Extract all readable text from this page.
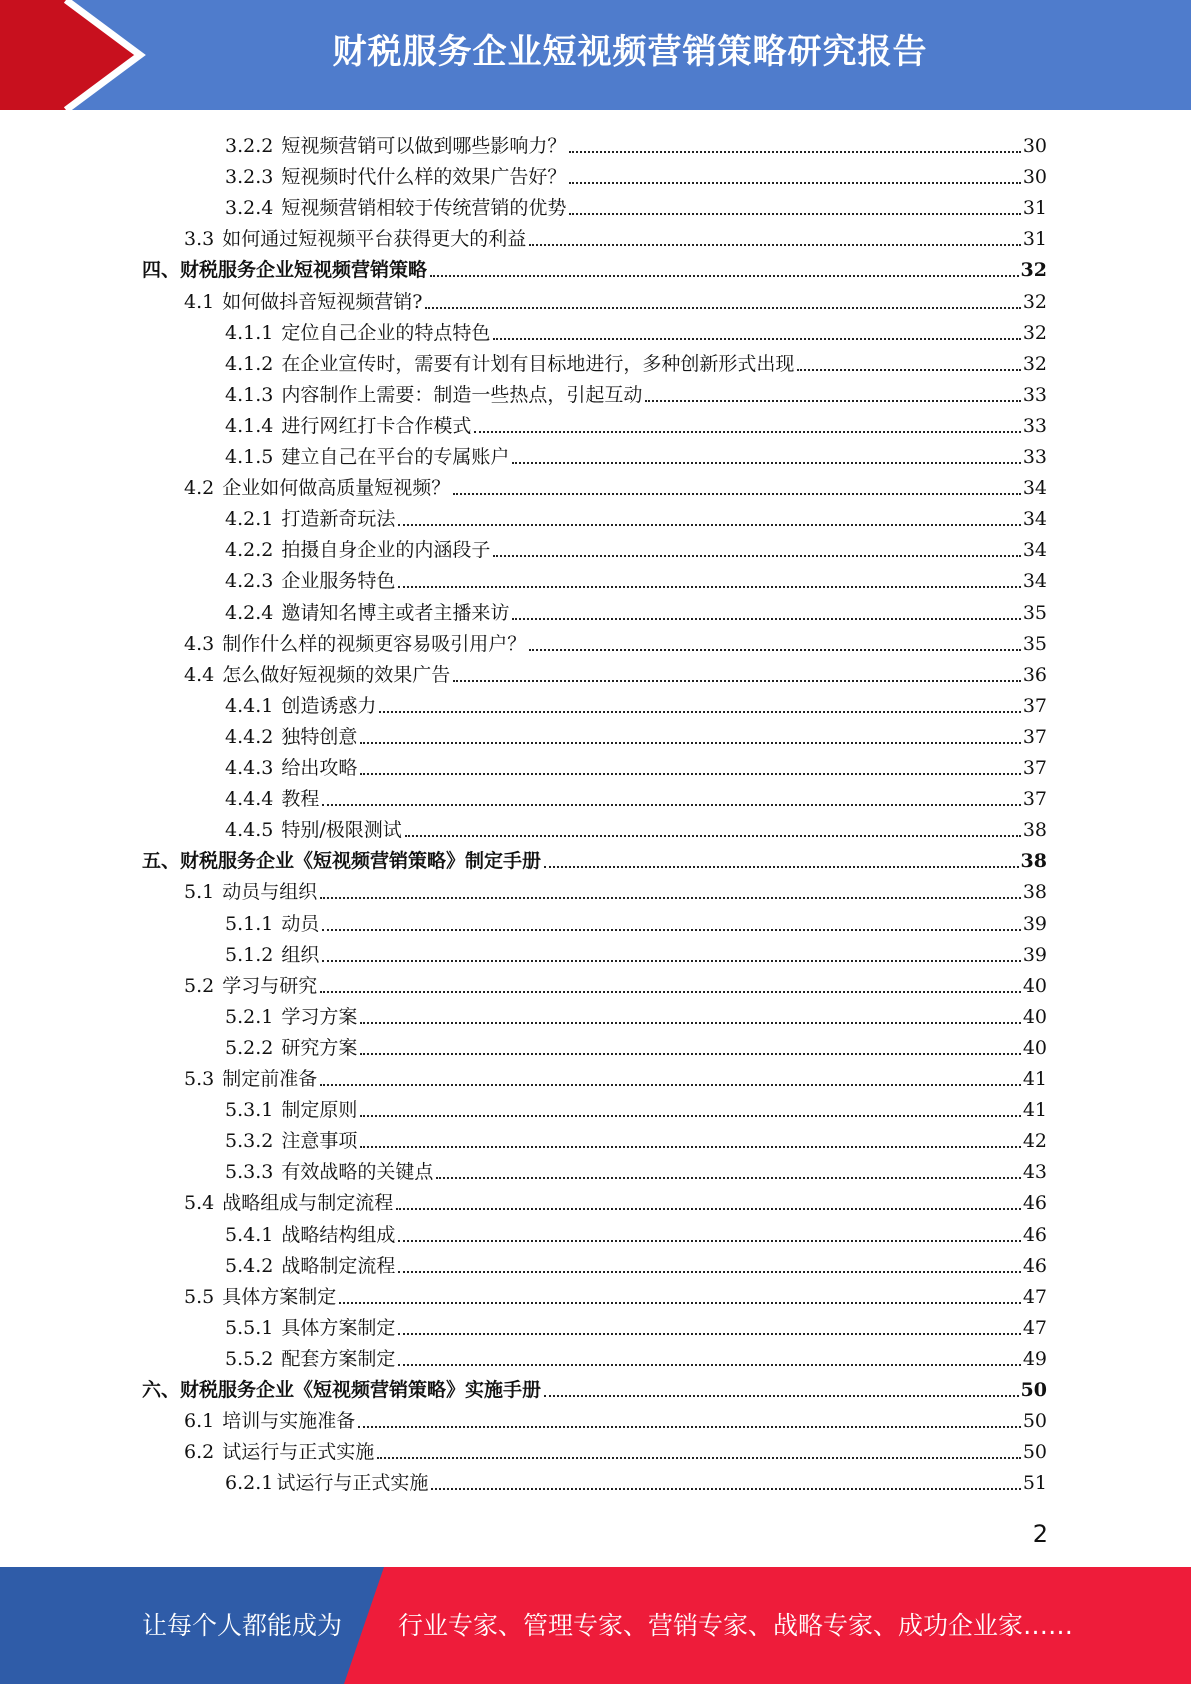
财税服务企业短视频营销策略研究报告
3.2.2 短视频营销可以做到哪些影响力？	30
3.2.3 短视频时代什么样的效果广告好？	30
3.2.4 短视频营销相较于传统营销的优势	31
3.3 如何通过短视频平台获得更大的利益	31
四、财税服务企业短视频营销策略	32
4.1 如何做抖音短视频营销?	32
4.1.1 定位自己企业的特点特色	32
4.1.2 在企业宣传时，需要有计划有目标地进行，多种创新形式出现	32
4.1.3 内容制作上需要：制造一些热点，引起互动	33
4.1.4 进行网红打卡合作模式	33
4.1.5 建立自己在平台的专属账户	33
4.2 企业如何做高质量短视频？	34
4.2.1 打造新奇玩法	34
4.2.2 拍摄自身企业的内涵段子	34
4.2.3 企业服务特色	34
4.2.4 邀请知名博主或者主播来访	35
4.3 制作什么样的视频更容易吸引用户？	35
4.4 怎么做好短视频的效果广告	36
4.4.1 创造诱惑力	37
4.4.2 独特创意	37
4.4.3 给出攻略	37
4.4.4 教程	37
4.4.5 特别/极限测试	38
五、财税服务企业《短视频营销策略》制定手册	38
5.1 动员与组织	38
5.1.1 动员	39
5.1.2 组织	39
5.2 学习与研究	40
5.2.1 学习方案	40
5.2.2 研究方案	40
5.3 制定前准备	41
5.3.1 制定原则	41
5.3.2 注意事项	42
5.3.3 有效战略的关键点	43
5.4 战略组成与制定流程	46
5.4.1 战略结构组成	46
5.4.2 战略制定流程	46
5.5 具体方案制定	47
5.5.1 具体方案制定	47
5.5.2 配套方案制定	49
六、财税服务企业《短视频营销策略》实施手册	50
6.1 培训与实施准备	50
6.2 试运行与正式实施	50
6.2.1 试运行与正式实施	51
2
让每个人都能成为 行业专家、管理专家、营销专家、战略专家、成功企业家……
